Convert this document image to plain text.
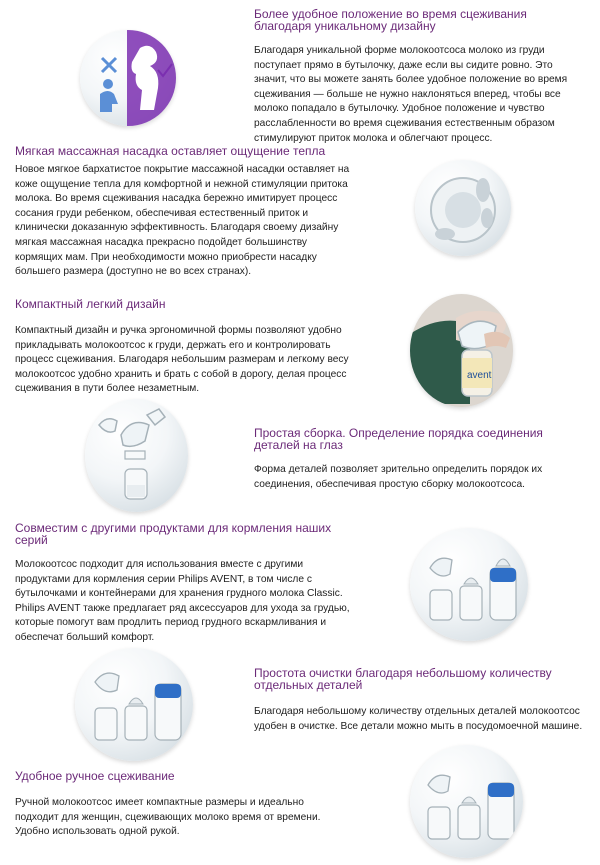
Более удобное положение во время сцеживания благодаря уникальному дизайну
Благодаря уникальной форме молокоотсоса молоко из груди поступает прямо в бутылочку, даже если вы сидите ровно. Это значит, что вы можете занять более удобное положение во время сцеживания — больше не нужно наклоняться вперед, чтобы все молоко попадало в бутылочку. Удобное положение и чувство расслабленности во время сцеживания естественным образом стимулируют приток молока и облегчают процесс.
Мягкая массажная насадка оставляет ощущение тепла
Новое мягкое бархатистое покрытие массажной насадки оставляет на коже ощущение тепла для комфортной и нежной стимуляции притока молока. Во время сцеживания насадка бережно имитирует процесс сосания груди ребенком, обеспечивая естественный приток и клинически доказанную эффективность. Благодаря своему дизайну мягкая массажная насадка прекрасно подойдет большинству кормящих мам. При необходимости можно приобрести насадку большего размера (доступно не во всех странах).
Компактный легкий дизайн
Компактный дизайн и ручка эргономичной формы позволяют удобно прикладывать молокоотсос к груди, держать его и контролировать процесс сцеживания. Благодаря небольшим размерам и легкому весу молокоотсос удобно хранить и брать с собой в дорогу, делая процесс сцеживания в пути более незаметным.
avent
Простая сборка. Определение порядка соединения деталей на глаз
Форма деталей позволяет зрительно определить порядок их соединения, обеспечивая простую сборку молокоотсоса.
Совместим с другими продуктами для кормления наших серий
Молокоотсос подходит для использования вместе с другими продуктами для кормления серии Philips AVENT, в том числе с бутылочками и контейнерами для хранения грудного молока Classic. Philips AVENT также предлагает ряд аксессуаров для ухода за грудью, которые помогут вам продлить период грудного вскармливания и обеспечат больший комфорт.
Простота очистки благодаря небольшому количеству отдельных деталей
Благодаря небольшому количеству отдельных деталей молокоотсос удобен в очистке. Все детали можно мыть в посудомоечной машине.
Удобное ручное сцеживание
Ручной молокоотсос имеет компактные размеры и идеально подходит для женщин, сцеживающих молоко время от времени. Удобно использовать одной рукой.
